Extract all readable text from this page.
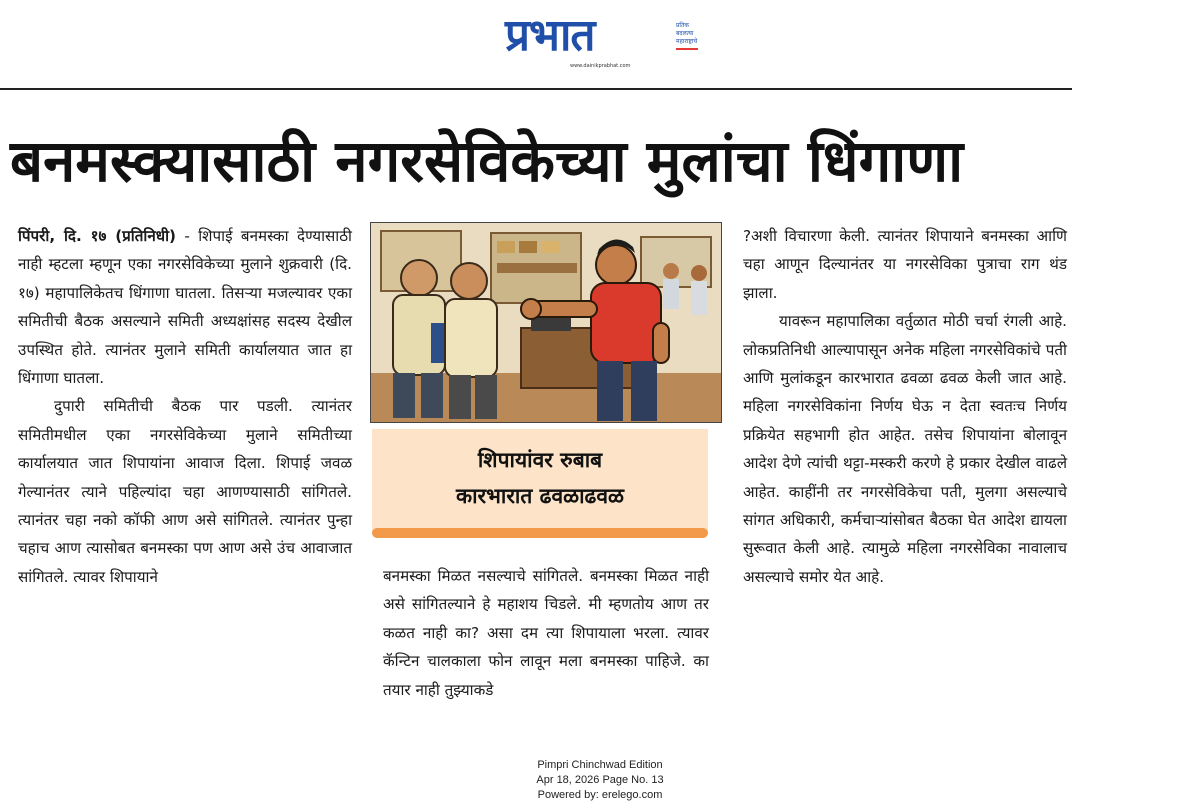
प्रभात	प्रतिक
बदलत्या
महाराष्ट्राचे
www.dainikprabhat.com
बनमस्क्यासाठी नगरसेविकेच्या मुलांचा धिंगाणा

पिंपरी, दि. १७ (प्रतिनिधी) - शिपाई बनमस्का देण्यासाठी नाही म्हटला म्हणून एका नगरसेविकेच्या मुलाने शुक्रवारी (दि. १७) महापालिकेतच धिंगाणा घातला. तिसऱ्या मजल्यावर एका समितीची बैठक असल्याने समिती अध्यक्षांसह सदस्य देखील उपस्थित होते. त्यानंतर मुलाने समिती कार्यालयात जात हा धिंगाणा घातला.

दुपारी समितीची बैठक पार पडली. त्यानंतर समितीमधील एका नगरसेविकेच्या मुलाने समितीच्या कार्यालयात जात शिपायांना आवाज दिला. शिपाई जवळ गेल्यानंतर त्याने पहिल्यांदा चहा आणण्यासाठी सांगितले. त्यानंतर चहा नको कॉफी आण असे सांगितले. त्यानंतर पुन्हा चहाच आण त्यासोबत बनमस्का पण आण असे उंच आवाजात सांगितले. त्यावर शिपायाने

शिपायांवर रुबाब
कारभारात ढवळाढवळ

बनमस्का मिळत नसल्याचे सांगितले. बनमस्का मिळत नाही असे सांगितल्याने हे महाशय चिडले. मी म्हणतोय आण तर कळत नाही का? असा दम त्या शिपायाला भरला. त्यावर कॅन्टिन चालकाला फोन लावून मला बनमस्का पाहिजे. का तयार नाही तुझ्याकडे

?अशी विचारणा केली. त्यानंतर शिपायाने बनमस्का आणि चहा आणून दिल्यानंतर या नगरसेविका पुत्राचा राग थंड झाला.

यावरून महापालिका वर्तुळात मोठी चर्चा रंगली आहे. लोकप्रतिनिधी आल्यापासून अनेक महिला नगरसेविकांचे पती आणि मुलांकडून कारभारात ढवळा ढवळ केली जात आहे. महिला नगरसेविकांना निर्णय घेऊ न देता स्वतःच निर्णय प्रक्रियेत सहभागी होत आहेत. तसेच शिपायांना बोलावून आदेश देणे त्यांची थट्टा-मस्करी करणे हे प्रकार देखील वाढले आहेत. काहींनी तर नगरसेविकेचा पती, मुलगा असल्याचे सांगत अधिकारी, कर्मचाऱ्यांसोबत बैठका घेत आदेश द्यायला सुरूवात केली आहे. त्यामुळे महिला नगरसेविका नावालाच असल्याचे समोर येत आहे.

Pimpri Chinchwad Edition
Apr 18, 2026 Page No. 13
Powered by: erelego.com
